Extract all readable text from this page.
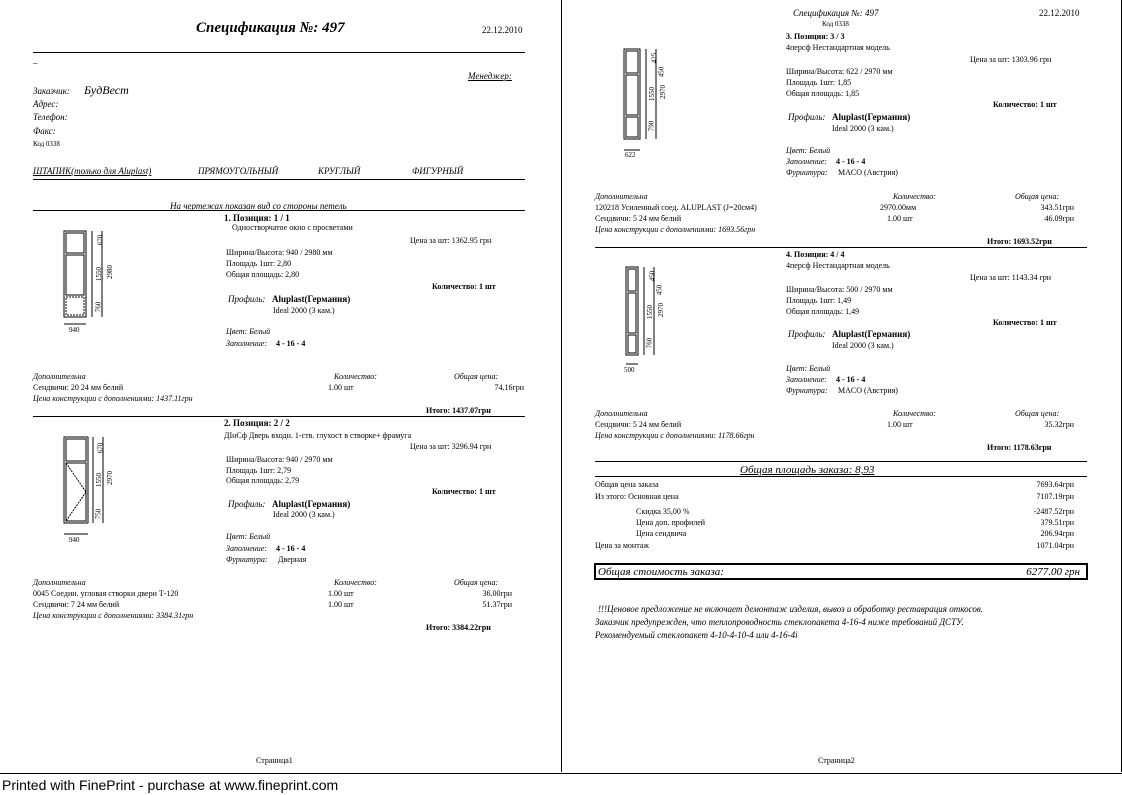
Спецификация №: 497	22.12.2010
–
Менеджер:
Заказчик: БудВест
Адрес:
Телефон:
Факс:
Код 0338
ШТАПИК(только для Aluplast)	ПРЯМОУГОЛЬНЫЙ	КРУГЛЫЙ	ФИГУРНЫЙ
На чертежах показан вид со стороны петель
1. Позиция: 1 / 1
Одностворчатое окно с просветами
Цена за шт: 1362.95 грн
Ширина/Высота: 940 / 2980 мм
Площадь 1шт: 2,80
Общая площадь: 2,80
Количество: 1 шт
Профиль: Aluplast(Германия)
Ideal 2000 (3 кам.)
Цвет: Белый
Заполнение: 4 - 16 - 4
670
2980
1550
760
940
Дополнительна	Количество:	Общая цена:
Сендвичи: 20 24 мм белий	1.00 шт	74.16грн
Цена конструкции с дополнениями: 1437.11грн
Итого: 1437.07грн
2. Позиция: 2 / 2
ДІнСф Дверь входн. 1-ств. глухост в створке+ фрамуга
Цена за шт: 3296.94 грн
Ширина/Высота: 940 / 2970 мм
Площадь 1шт: 2,79
Общая площадь: 2,79
Количество: 1 шт
Профиль: Aluplast(Германия)
Ideal 2000 (3 кам.)
Цвет: Белый
Заполнение: 4 - 16 - 4
Фурнитура: Дверная
670
2970
1550
750
940
Дополнительна	Количество:	Общая цена:
0045 Соедин. угловая створки двери Т-120	1.00 шт	36.00грн
Сендвичи: 7 24 мм белий	1.00 шт	51.37грн
Цена конструкции с дополнениями: 3384.31грн
Итого: 3384.22грн
Страница1
Спецификация №: 497	22.12.2010
Код 0338
3. Позиция: 3 / 3
4персф Нестандартная модель
Цена за шт: 1303.96 грн
Ширина/Высота: 622 / 2970 мм
Площадь 1шт: 1,85
Общая площадь: 1,85
Количество: 1 шт
Профиль: Aluplast(Германия)
Ideal 2000 (3 кам.)
Цвет: Белый
Заполнение: 4 - 16 - 4
Фурнитура: MACO (Австрия)
425
450
2970
1550
790
622
Дополнительна	Количество:	Общая цена:
120218 Усиленный соед. ALUPLAST (J=20см4)	2970.00мм	343.51грн
Сендвичи: 5 24 мм белий	1.00 шт	46.09грн
Цена конструкции с дополнениями: 1693.56грн
Итого: 1693.52грн
4. Позиция: 4 / 4
4персф Нестандартная модель
Цена за шт: 1143.34 грн
Ширина/Высота: 500 / 2970 мм
Площадь 1шт: 1,49
Общая площадь: 1,49
Количество: 1 шт
Профиль: Aluplast(Германия)
Ideal 2000 (3 кам.)
Цвет: Белый
Заполнение: 4 - 16 - 4
Фурнитура: MACO (Австрия)
450
450
2970
1550
760
500
Дополнительна	Количество:	Общая цена:
Сендвичи: 5 24 мм белий	1.00 шт	35.32грн
Цена конструкции с дополнениями: 1178.66грн
Итого: 1178.63грн
Общая площадь заказа: 8,93
Общая цена заказа	7693.64грн
Из этого: Основная цена	7107.19грн
Скидка 35,00 %	-2487.52грн
Цена доп. профилей	379.51грн
Цена сендвича	206.94грн
Цена за монтаж	1071.04грн
Общая стоимость заказа:	6277.00 грн
!!!Ценовое предложение не включает демонтаж изделия, вывоз и обработку реставрация откосов.
Заказчик предупрежден, что теплопроводность стеклопакета 4-16-4 ниже требований ДСТУ.
Рекомендуемый стеклопакет 4-10-4-10-4 или 4-16-4i
Страница2
Printed with FinePrint - purchase at www.fineprint.com
